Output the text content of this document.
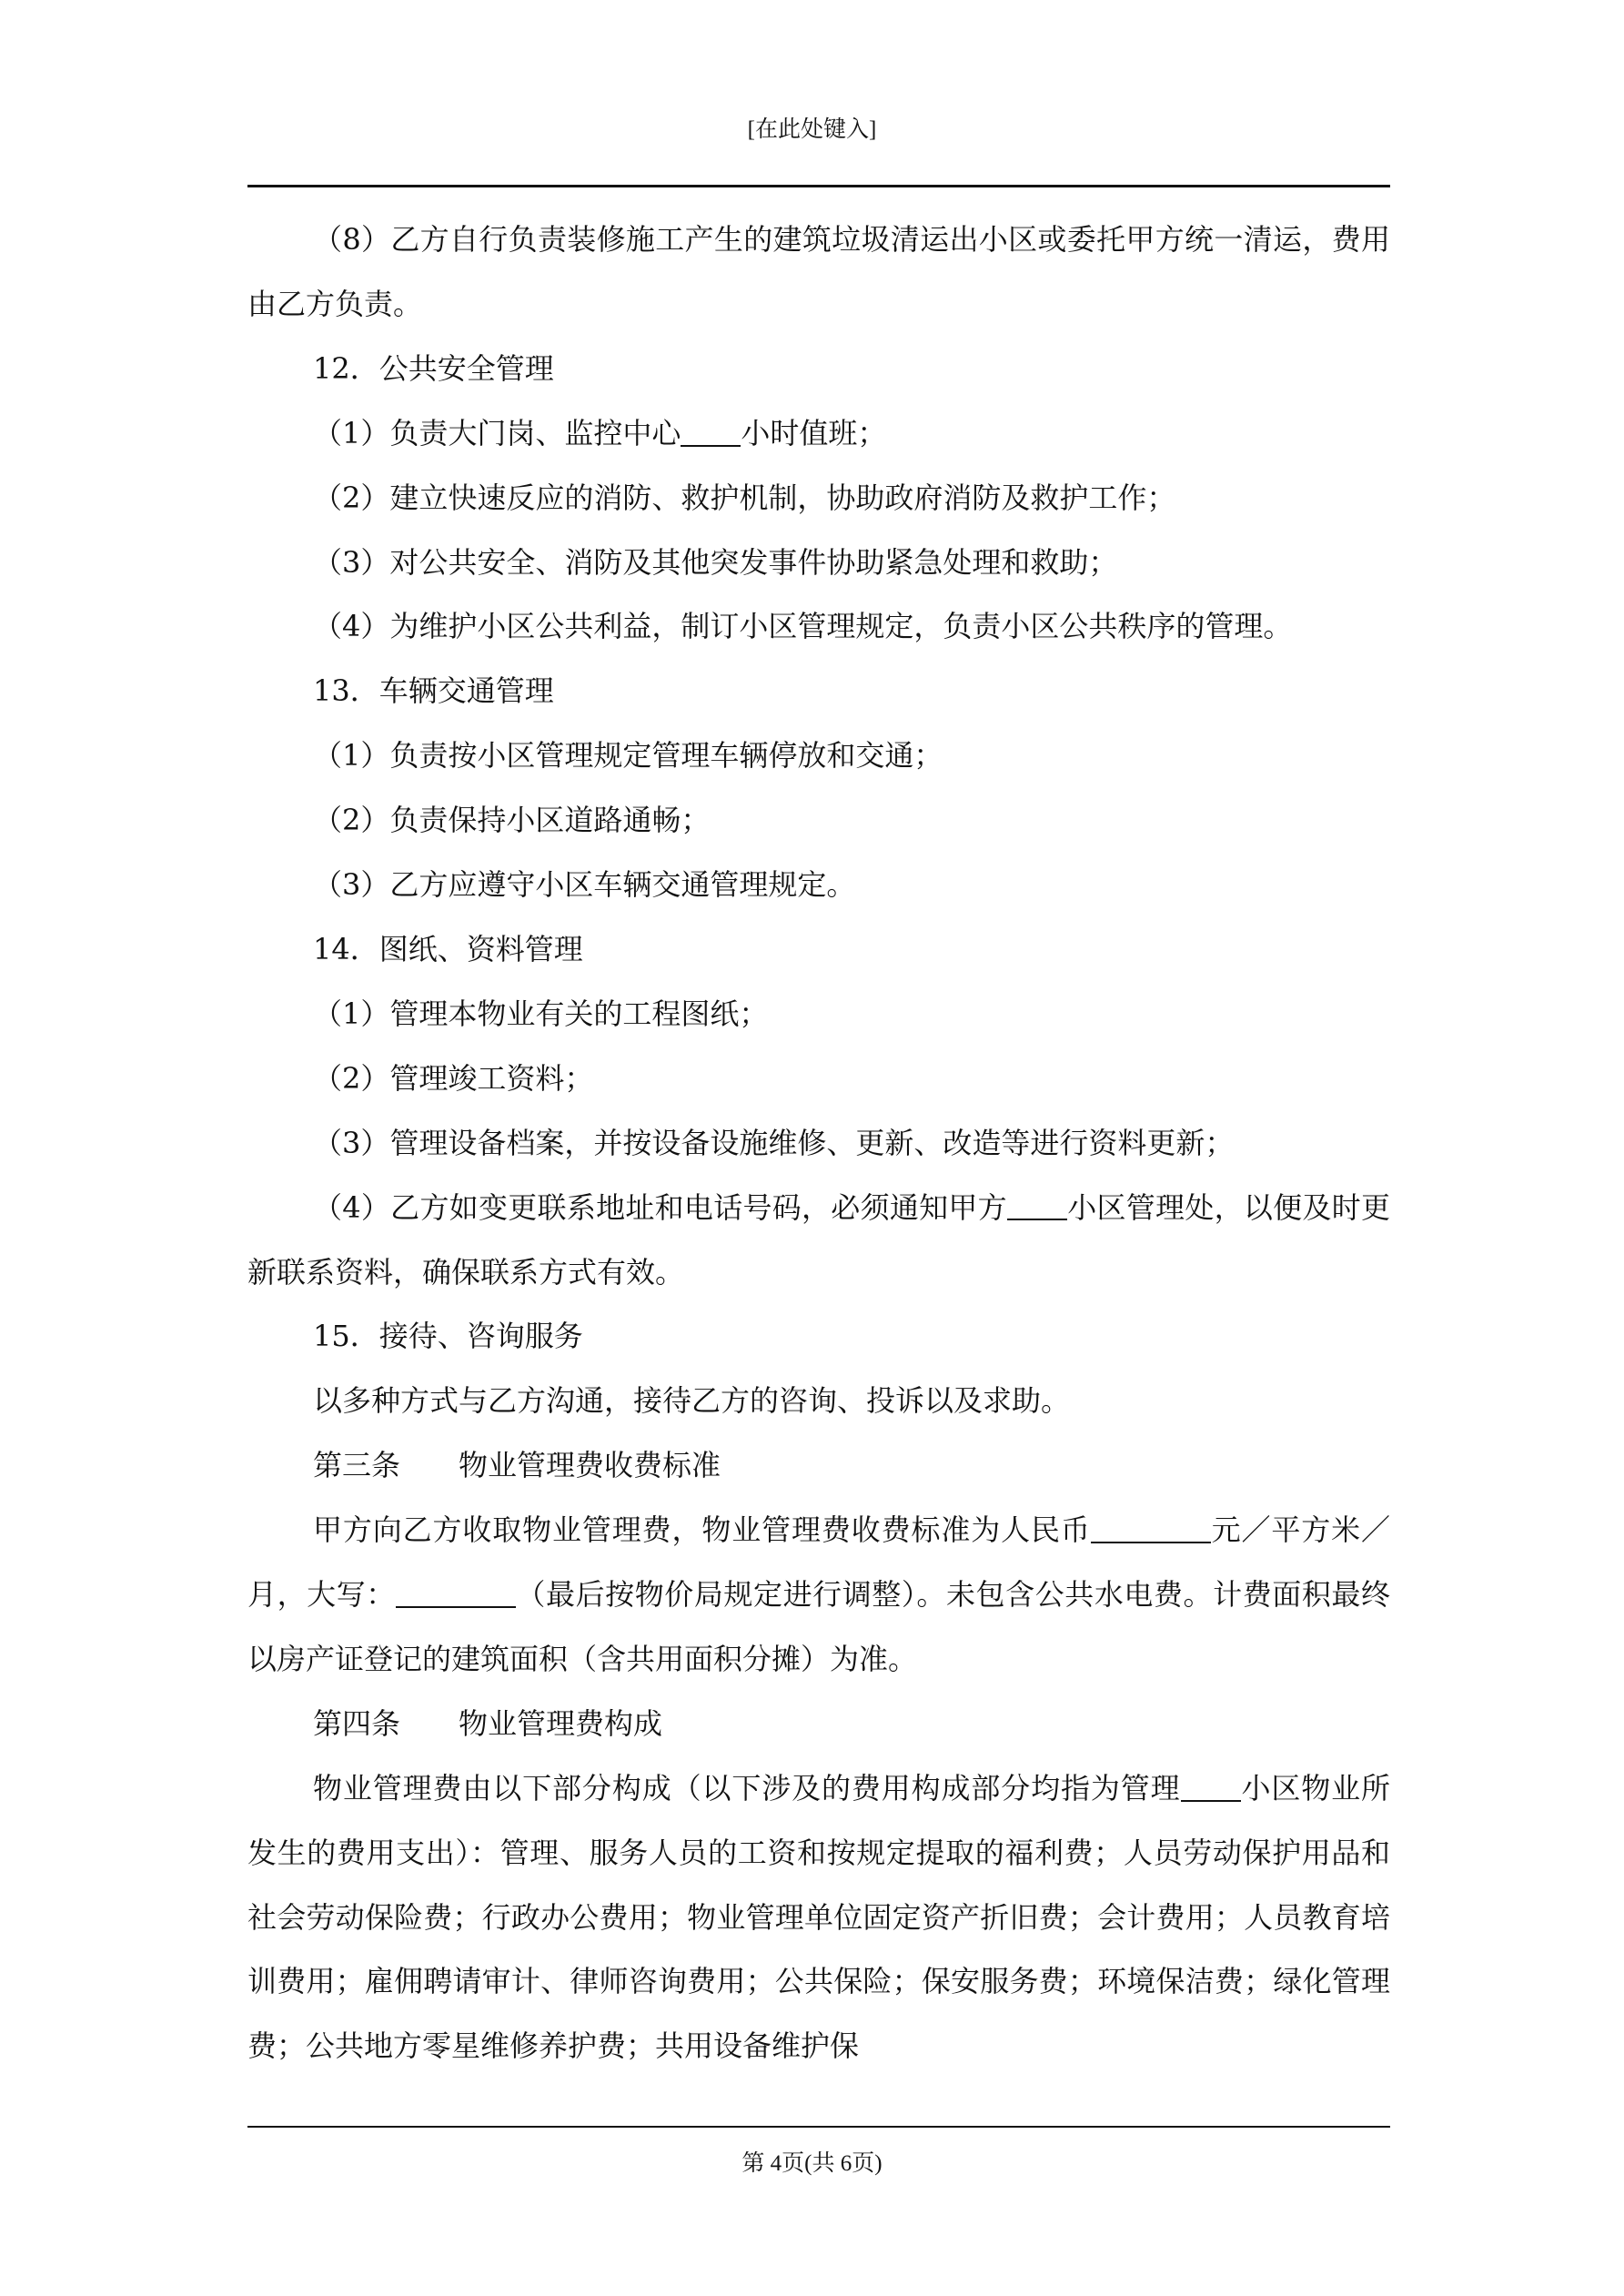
[在此处键入]

（8）乙方自行负责装修施工产生的建筑垃圾清运出小区或委托甲方统一清运，费用由乙方负责。

12．公共安全管理

（1）负责大门岗、监控中心 小时值班；

（2）建立快速反应的消防、救护机制，协助政府消防及救护工作；

（3）对公共安全、消防及其他突发事件协助紧急处理和救助；

（4）为维护小区公共利益，制订小区管理规定，负责小区公共秩序的管理。

13．车辆交通管理

（1）负责按小区管理规定管理车辆停放和交通；

（2）负责保持小区道路通畅；

（3）乙方应遵守小区车辆交通管理规定。

14．图纸、资料管理

（1）管理本物业有关的工程图纸；

（2）管理竣工资料；

（3）管理设备档案，并按设备设施维修、更新、改造等进行资料更新；

（4）乙方如变更联系地址和电话号码，必须通知甲方 小区管理处，以便及时更新联系资料，确保联系方式有效。

15．接待、咨询服务

以多种方式与乙方沟通，接待乙方的咨询、投诉以及求助。

第三条　　物业管理费收费标准

甲方向乙方收取物业管理费，物业管理费收费标准为人民币	元／平方米／月，大写：	（最后按物价局规定进行调整）。未包含公共水电费。计费面积最终以房产证登记的建筑面积（含共用面积分摊）为准。

第四条　　物业管理费构成

物业管理费由以下部分构成（以下涉及的费用构成部分均指为管理 小区物业所发生的费用支出）：管理、服务人员的工资和按规定提取的福利费；人员劳动保护用品和社会劳动保险费；行政办公费用；物业管理单位固定资产折旧费；会计费用；人员教育培训费用；雇佣聘请审计、律师咨询费用；公共保险；保安服务费；环境保洁费；绿化管理费；公共地方零星维修养护费；共用设备维护保

第 4页(共 6页)
